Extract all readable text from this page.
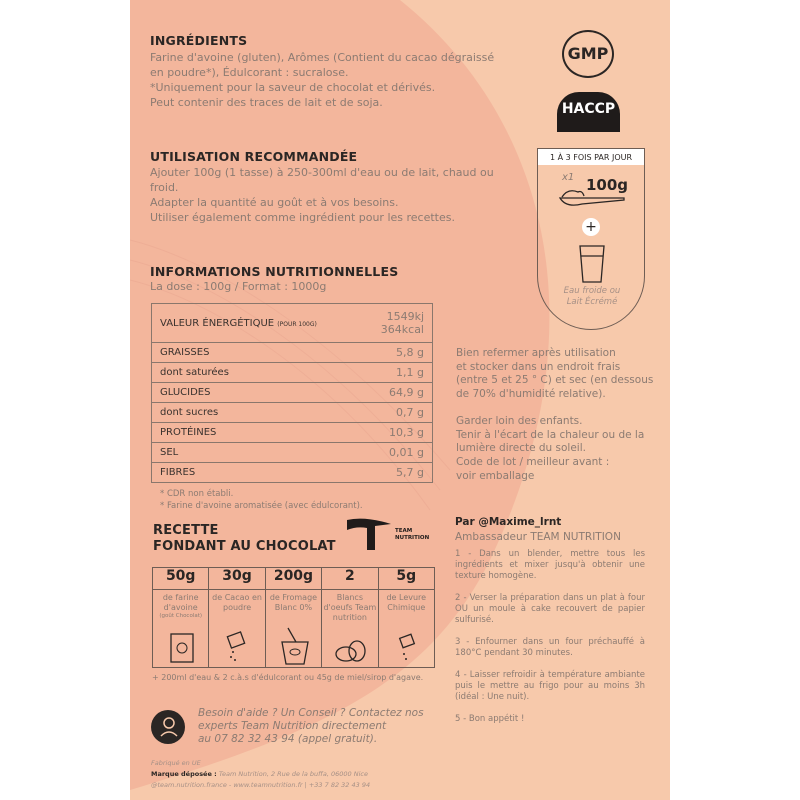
INGRÉDIENTS
Farine d'avoine (gluten), Arômes (Contient du cacao dégraissé
en poudre*), Édulcorant : sucralose.
*Uniquement pour la saveur de chocolat et dérivés.
Peut contenir des traces de lait et de soja.
GMP
HACCP
UTILISATION RECOMMANDÉE
Ajouter 100g (1 tasse) à 250-300ml d'eau ou de lait, chaud ou
froid.
Adapter la quantité au goût et à vos besoins.
Utiliser également comme ingrédient pour les recettes.
1 À 3 FOIS PAR JOUR
x1 100g
+
Eau froide ou
Lait Écrémé
INFORMATIONS NUTRITIONNELLES
La dose : 100g / Format : 1000g
VALEUR ÉNERGÉTIQUE (POUR 100G)	1549kj
364kcal

GRAISSES	5,8 g
dont saturées	1,1 g
GLUCIDES	64,9 g
dont sucres	0,7 g
PROTÉINES	10,3 g
SEL	0,01 g
FIBRES	5,7 g
* CDR non établi.
* Farine d'avoine aromatisée (avec édulcorant).
Bien refermer après utilisation
et stocker dans un endroit frais
(entre 5 et 25 ° C) et sec (en dessous
de 70% d'humidité relative).
Garder loin des enfants.
Tenir à l'écart de la chaleur ou de la
lumière directe du soleil.
Code de lot / meilleur avant :
voir emballage
RECETTE
FONDANT AU CHOCOLAT
TEAM NUTRITION
50g	30g	200g	2	5g

de farine d'avoine
(goût Chocolat)	de Cacao en poudre	de Fromage Blanc 0%	Blancs d'oeufs Team nutrition	de Levure Chimique
+ 200ml d'eau & 2 c.à.s d'édulcorant ou 45g de miel/sirop d'agave.
Par @Maxime_lrnt
Ambassadeur TEAM NUTRITION

1 - Dans un blender, mettre tous les ingrédients et mixer jusqu'à obtenir une texture homogène.

2 - Verser la préparation dans un plat à four OU un moule à cake recouvert de papier sulfurisé.

3 - Enfourner dans un four préchauffé à 180°C pendant 30 minutes.

4 - Laisser refroidir à température ambiante puis le mettre au frigo pour au moins 3h (idéal : Une nuit).

5 - Bon appétit !

Besoin d'aide ? Un Conseil ? Contactez nos
experts Team Nutrition directement
au 07 82 32 43 94 (appel gratuit).
Fabriqué en UE
Marque déposée : Team Nutrition, 2 Rue de la buffa, 06000 Nice
@team.nutrition.france - www.teamnutrition.fr | +33 7 82 32 43 94
